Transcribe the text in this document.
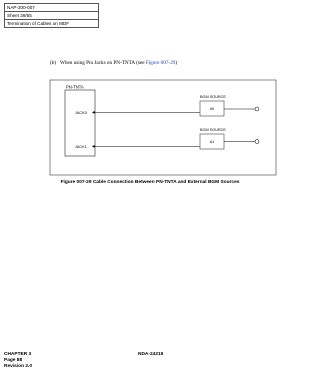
NAP-200-007
Sheet 39/55
Termination of Cables on MDF
(b) When using Pin Jacks on PN-TNTA (see Figure 007-29)
PN-TNTA
JACK0
JACK1
BGM SOURCE
#0
BGM SOURCE
#1
Figure 007-29 Cable Connection Between PN-TNTA and External BGM Sources
CHAPTER 3
Page 88
Revision 2.0
NDA-24219
